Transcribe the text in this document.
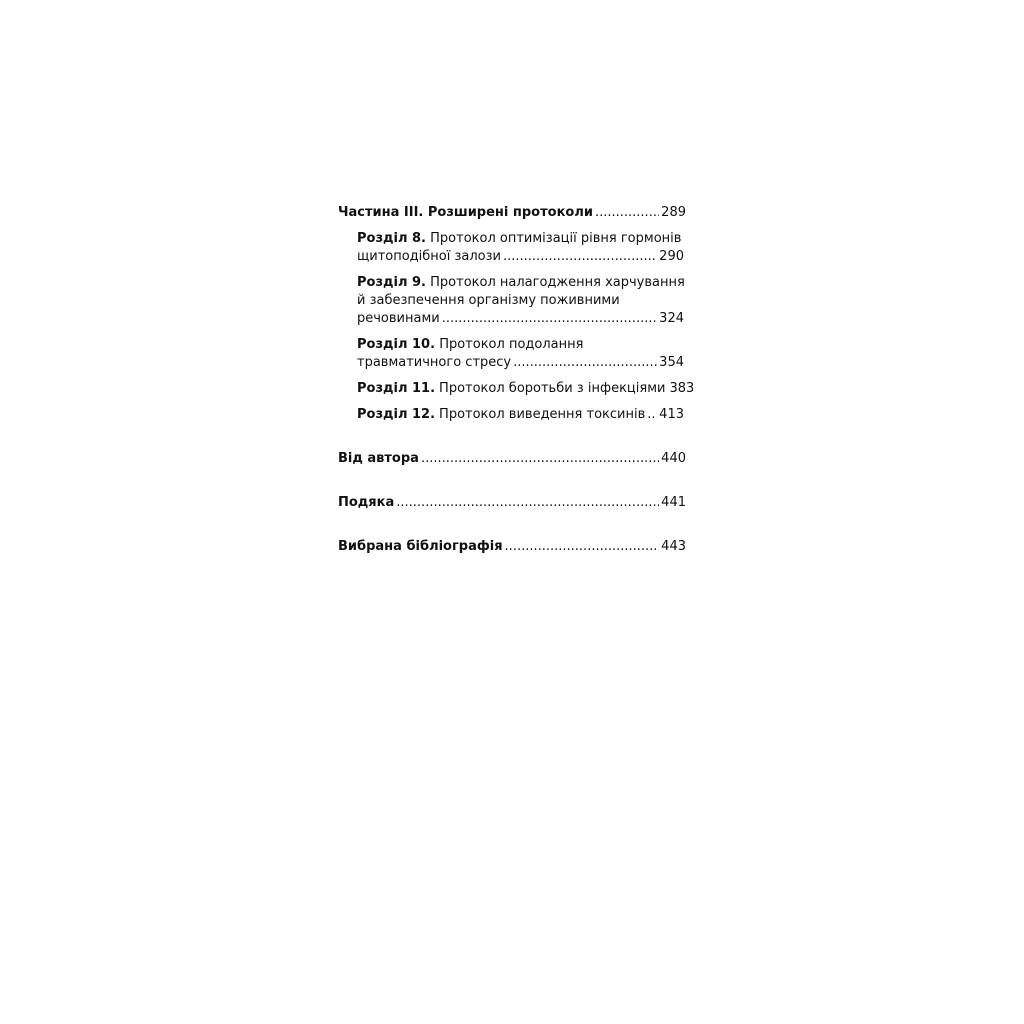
Частина III. Розширені протоколи .....	289
Розділ 8. Протокол оптимізації рівня гормонів
щитоподібної залози .....	290
Розділ 9. Протокол налагодження харчування
й забезпечення організму поживними
речовинами .....	324
Розділ 10. Протокол подолання
травматичного стресу .....	354
Розділ 11. Протокол боротьби з інфекціями 383
Розділ 12. Протокол виведення токсинів ..... 413
Від автора .....	440
Подяка .....	441
Вибрана бібліографія .....	443
